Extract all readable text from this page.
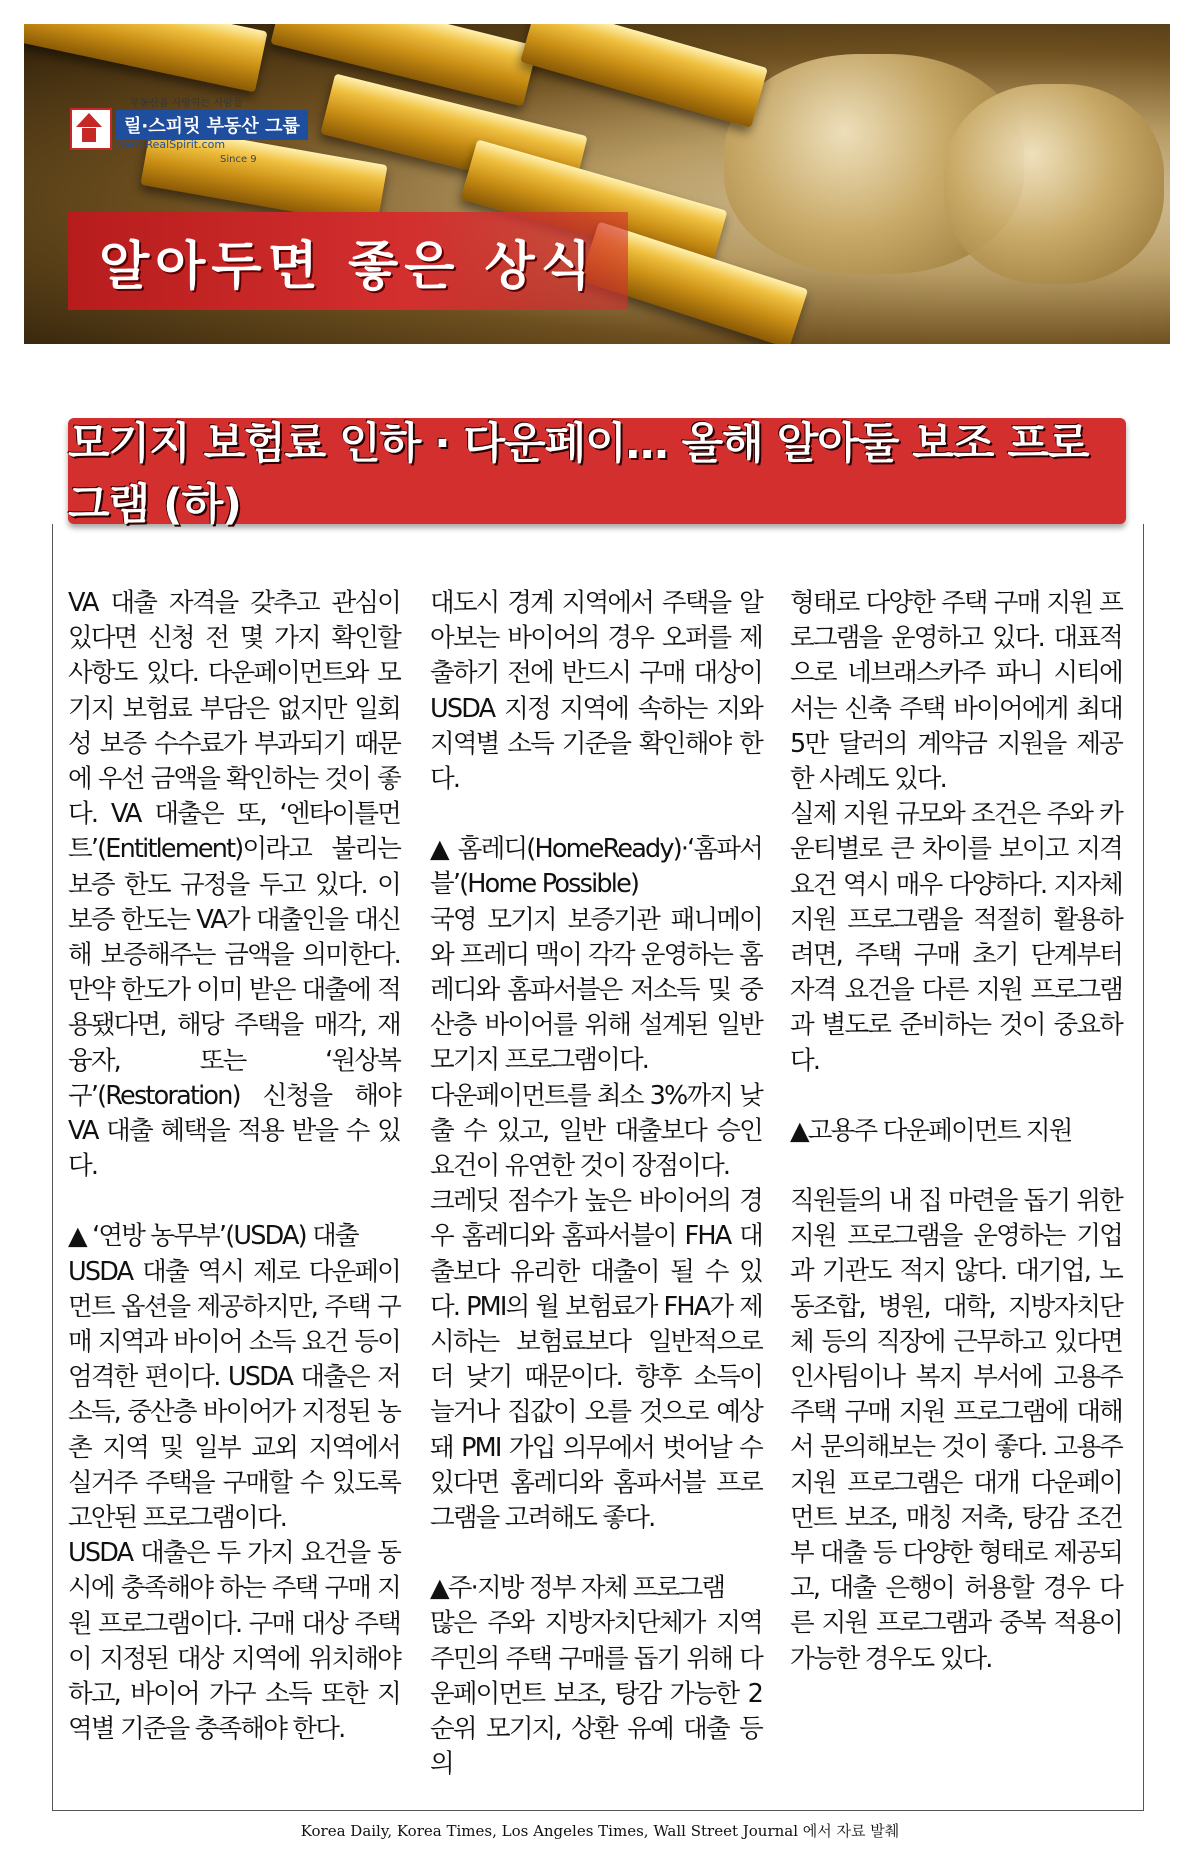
부동산을 사랑하는 사람들
릴·스피릿 부동산 그룹
www.RealSpirit.com
Since 9
알아두면 좋은 상식
모기지 보험료 인하 · 다운페이… 올해 알아둘 보조 프로그램 (하)

VA 대출 자격을 갖추고 관심이 있다면 신청 전 몇 가지 확인할 사항도 있다. 다운페이먼트와 모기지 보험료 부담은 없지만 일회성 보증 수수료가 부과되기 때문에 우선 금액을 확인하는 것이 좋다. VA 대출은 또, ‘엔타이틀먼트’(Entitlement)이라고 불리는 보증 한도 규정을 두고 있다. 이 보증 한도는 VA가 대출인을 대신해 보증해주는 금액을 의미한다. 만약 한도가 이미 받은 대출에 적용됐다면, 해당 주택을 매각, 재융자, 또는 ‘원상복구’(Restoration) 신청을 해야 VA 대출 혜택을 적용 받을 수 있다.

▲ ‘연방 농무부’(USDA) 대출

USDA 대출 역시 제로 다운페이먼트 옵션을 제공하지만, 주택 구매 지역과 바이어 소득 요건 등이 엄격한 편이다. USDA 대출은 저소득, 중산층 바이어가 지정된 농촌 지역 및 일부 교외 지역에서 실거주 주택을 구매할 수 있도록 고안된 프로그램이다.

USDA 대출은 두 가지 요건을 동시에 충족해야 하는 주택 구매 지원 프로그램이다. 구매 대상 주택이 지정된 대상 지역에 위치해야 하고, 바이어 가구 소득 또한 지역별 기준을 충족해야 한다.

대도시 경계 지역에서 주택을 알아보는 바이어의 경우 오퍼를 제출하기 전에 반드시 구매 대상이 USDA 지정 지역에 속하는 지와 지역별 소득 기준을 확인해야 한다.

▲홈레디(HomeReady)·‘홈파서블’(Home Possible)

국영 모기지 보증기관 패니메이와 프레디 맥이 각각 운영하는 홈레디와 홈파서블은 저소득 및 중산층 바이어를 위해 설계된 일반 모기지 프로그램이다.

다운페이먼트를 최소 3%까지 낮출 수 있고, 일반 대출보다 승인 요건이 유연한 것이 장점이다.

크레딧 점수가 높은 바이어의 경우 홈레디와 홈파서블이 FHA 대출보다 유리한 대출이 될 수 있다. PMI의 월 보험료가 FHA가 제시하는 보험료보다 일반적으로 더 낮기 때문이다. 향후 소득이 늘거나 집값이 오를 것으로 예상돼 PMI 가입 의무에서 벗어날 수 있다면 홈레디와 홈파서블 프로그램을 고려해도 좋다.

▲주·지방 정부 자체 프로그램

많은 주와 지방자치단체가 지역 주민의 주택 구매를 돕기 위해 다운페이먼트 보조, 탕감 가능한 2순위 모기지, 상환 유예 대출 등의

형태로 다양한 주택 구매 지원 프로그램을 운영하고 있다. 대표적으로 네브래스카주 파니 시티에서는 신축 주택 바이어에게 최대 5만 달러의 계약금 지원을 제공한 사례도 있다.

실제 지원 규모와 조건은 주와 카운티별로 큰 차이를 보이고 지격 요건 역시 매우 다양하다. 지자체 지원 프로그램을 적절히 활용하려면, 주택 구매 초기 단계부터 자격 요건을 다른 지원 프로그램과 별도로 준비하는 것이 중요하다.

▲고용주 다운페이먼트 지원

직원들의 내 집 마련을 돕기 위한 지원 프로그램을 운영하는 기업과 기관도 적지 않다. 대기업, 노동조합, 병원, 대학, 지방자치단체 등의 직장에 근무하고 있다면 인사팀이나 복지 부서에 고용주 주택 구매 지원 프로그램에 대해서 문의해보는 것이 좋다. 고용주 지원 프로그램은 대개 다운페이먼트 보조, 매칭 저축, 탕감 조건부 대출 등 다양한 형태로 제공되고, 대출 은행이 허용할 경우 다른 지원 프로그램과 중복 적용이 가능한 경우도 있다.

Korea Daily, Korea Times, Los Angeles Times, Wall Street Journal 에서 자료 발췌
